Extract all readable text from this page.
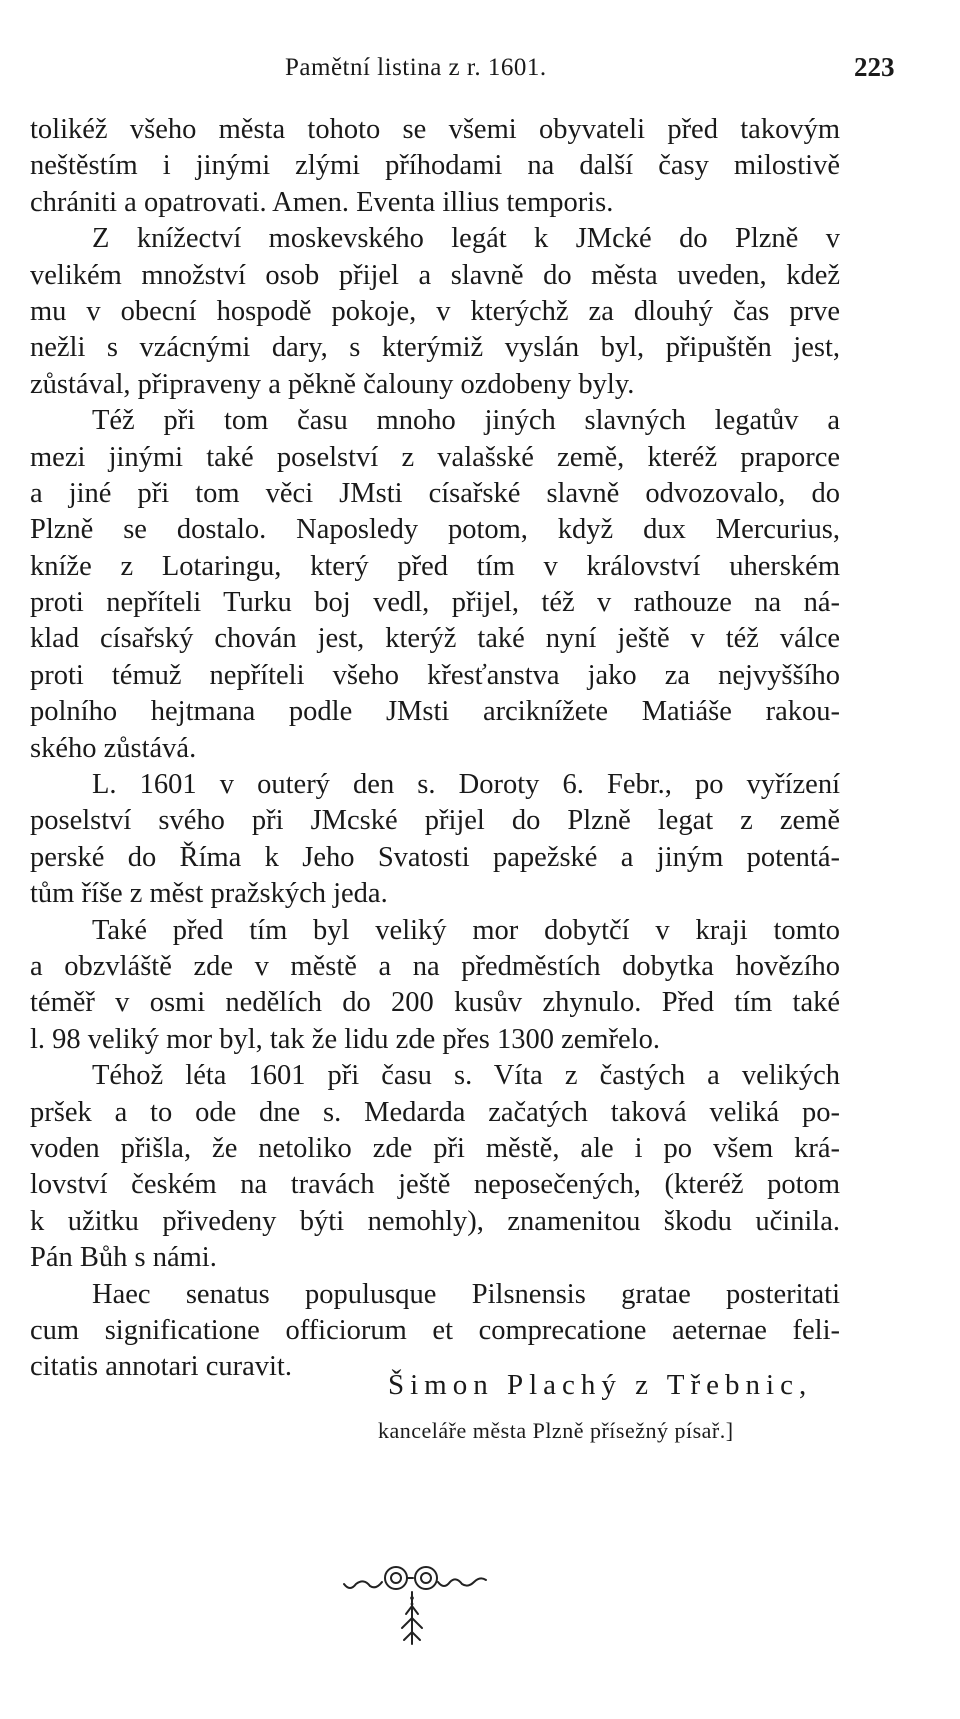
Pamětní listina z r. 1601.	223
tolikéž všeho města tohoto se všemi obyvateli před takovým
neštěstím i jinými zlými příhodami na další časy milostivě
chrániti a opatrovati. Amen. Eventa illius temporis.
Z knížectví moskevského legát k JMcké do Plzně v
velikém množství osob přijel a slavně do města uveden, kdež
mu v obecní hospodě pokoje, v kterýchž za dlouhý čas prve
nežli s vzácnými dary, s kterýmiž vyslán byl, připuštěn jest,
zůstával, připraveny a pěkně čalouny ozdobeny byly.
Též při tom času mnoho jiných slavných legatův a
mezi jinými také poselství z valašské země, kteréž praporce
a jiné při tom věci JMsti císařské slavně odvozovalo, do
Plzně se dostalo. Naposledy potom, když dux Mercurius,
kníže z Lotaringu, který před tím v království uherském
proti nepříteli Turku boj vedl, přijel, též v rathouze na ná-
klad císařský chován jest, kterýž také nyní ještě v též válce
proti témuž nepříteli všeho křesťanstva jako za nejvyššího
polního hejtmana podle JMsti arciknížete Matiáše rakou-
ského zůstává.
L. 1601 v outerý den s. Doroty 6. Febr., po vyřízení
poselství svého při JMcské přijel do Plzně legat z země
perské do Říma k Jeho Svatosti papežské a jiným potentá-
tům říše z měst pražských jeda.
Také před tím byl veliký mor dobytčí v kraji tomto
a obzvláště zde v městě a na předměstích dobytka hovězího
téměř v osmi nedělích do 200 kusův zhynulo. Před tím také
l. 98 veliký mor byl, tak že lidu zde přes 1300 zemřelo.
Téhož léta 1601 při času s. Víta z častých a velikých
pršek a to ode dne s. Medarda začatých taková veliká po-
voden přišla, že netoliko zde při městě, ale i po všem krá-
lovství českém na travách ještě neposečených, (kteréž potom
k užitku přivedeny býti nemohly), znamenitou škodu učinila.
Pán Bůh s námi.
Haec senatus populusque Pilsnensis gratae posteritati
cum significatione officiorum et comprecatione aeternae feli-
citatis annotari curavit.
Šimon Plachý z Třebnic,
kanceláře města Plzně přísežný písař.]
